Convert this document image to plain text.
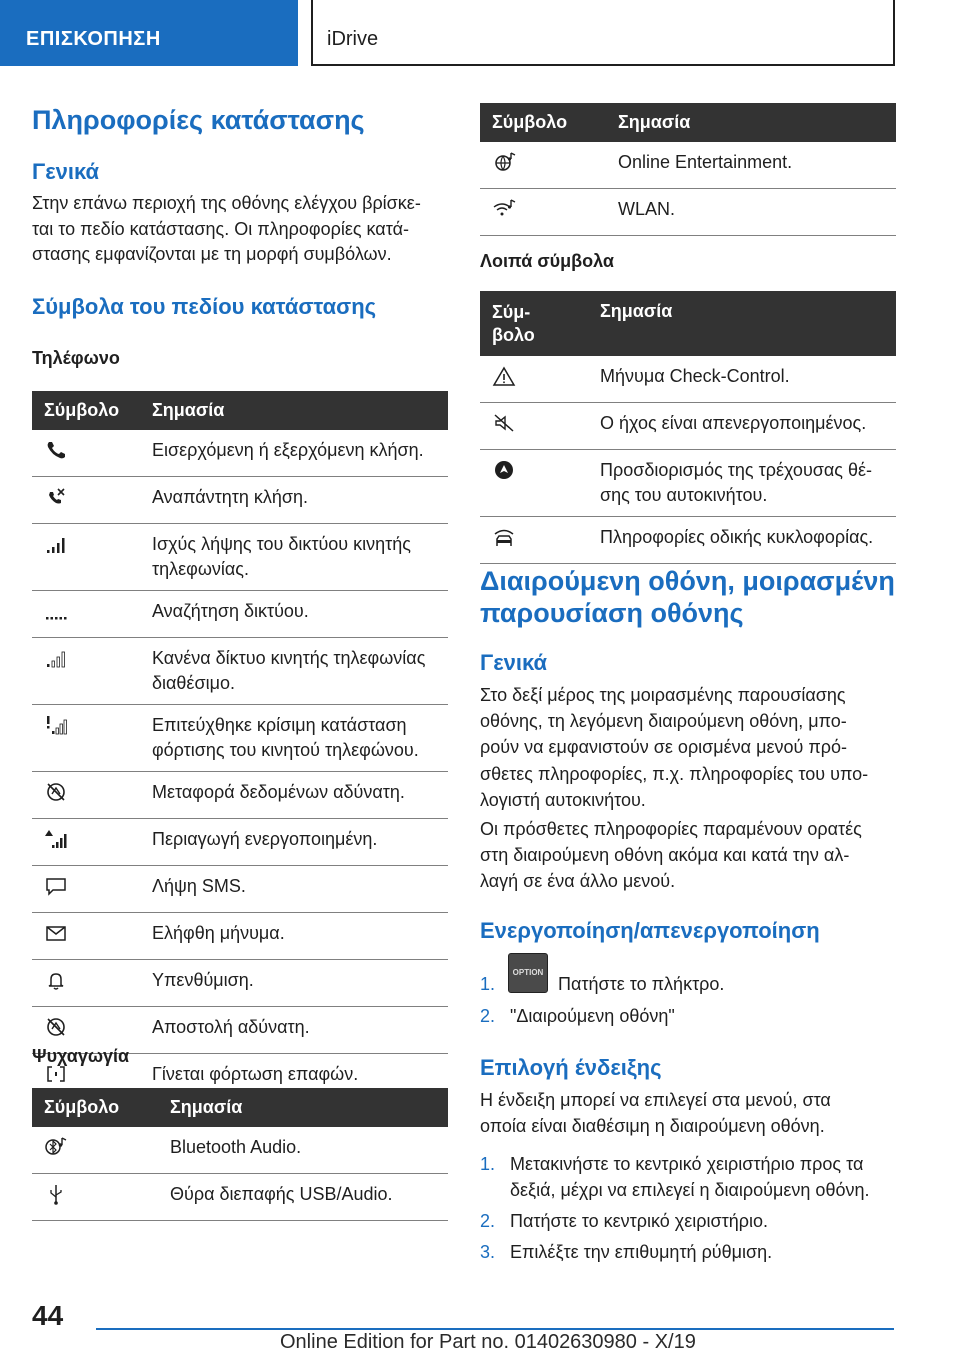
ΕΠΙΣΚΟΠΗΣΗ	iDrive
Πληροφορίες κατάστασης
Γενικά
Στην επάνω περιοχή της οθόνης ελέγχου βρίσκε-
ται το πεδίο κατάστασης. Οι πληροφορίες κατά-
στασης εμφανίζονται με τη μορφή συμβόλων.
Σύμβολα του πεδίου κατάστασης
Τηλέφωνο
Σύμβολο	Σημασία

Εισερχόμενη ή εξερχόμενη κλήση.

Αναπάντητη κλήση.

Ισχύς λήψης του δικτύου κινητής
τηλεφωνίας.

Αναζήτηση δικτύου.

Κανένα δίκτυο κινητής τηλεφωνίας
διαθέσιμο.

Επιτεύχθηκε κρίσιμη κατάσταση
φόρτισης του κινητού τηλεφώνου.

Μεταφορά δεδομένων αδύνατη.

Περιαγωγή ενεργοποιημένη.

Λήψη SMS.

Ελήφθη μήνυμα.

Υπενθύμιση.

Αποστολή αδύνατη.

Γίνεται φόρτωση επαφών.
Ψυχαγωγία
Σύμβολο	Σημασία

Bluetooth Audio.

Θύρα διεπαφής USB/Audio.
Σύμβολο	Σημασία

Online Entertainment.

WLAN.
Λοιπά σύμβολα
Σύμ-
βολο	Σημασία

Μήνυμα Check-Control.

Ο ήχος είναι απενεργοποιημένος.

Προσδιορισμός της τρέχουσας θέ-
σης του αυτοκινήτου.

Πληροφορίες οδικής κυκλοφορίας.
Διαιρούμενη οθόνη, μοιρασμένη
παρουσίαση οθόνης
Γενικά
Στο δεξί μέρος της μοιρασμένης παρουσίασης
οθόνης, τη λεγόμενη διαιρούμενη οθόνη, μπο-
ρούν να εμφανιστούν σε ορισμένα μενού πρό-
σθετες πληροφορίες, π.χ. πληροφορίες του υπο-
λογιστή αυτοκινήτου.
Οι πρόσθετες πληροφορίες παραμένουν ορατές
στη διαιρούμενη οθόνη ακόμα και κατά την αλ-
λαγή σε ένα άλλο μενού.
Ενεργοποίηση/απενεργοποίηση
1.
OPTION
Πατήστε το πλήκτρο.
2. "Διαιρούμενη οθόνη"
Επιλογή ένδειξης
Η ένδειξη μπορεί να επιλεγεί στα μενού, στα
οποία είναι διαθέσιμη η διαιρούμενη οθόνη.
1. Μετακινήστε το κεντρικό χειριστήριο προς τα
δεξιά, μέχρι να επιλεγεί η διαιρούμενη οθόνη.
2. Πατήστε το κεντρικό χειριστήριο.
3. Επιλέξτε την επιθυμητή ρύθμιση.
44
Online Edition for Part no. 01402630980 - X/19
